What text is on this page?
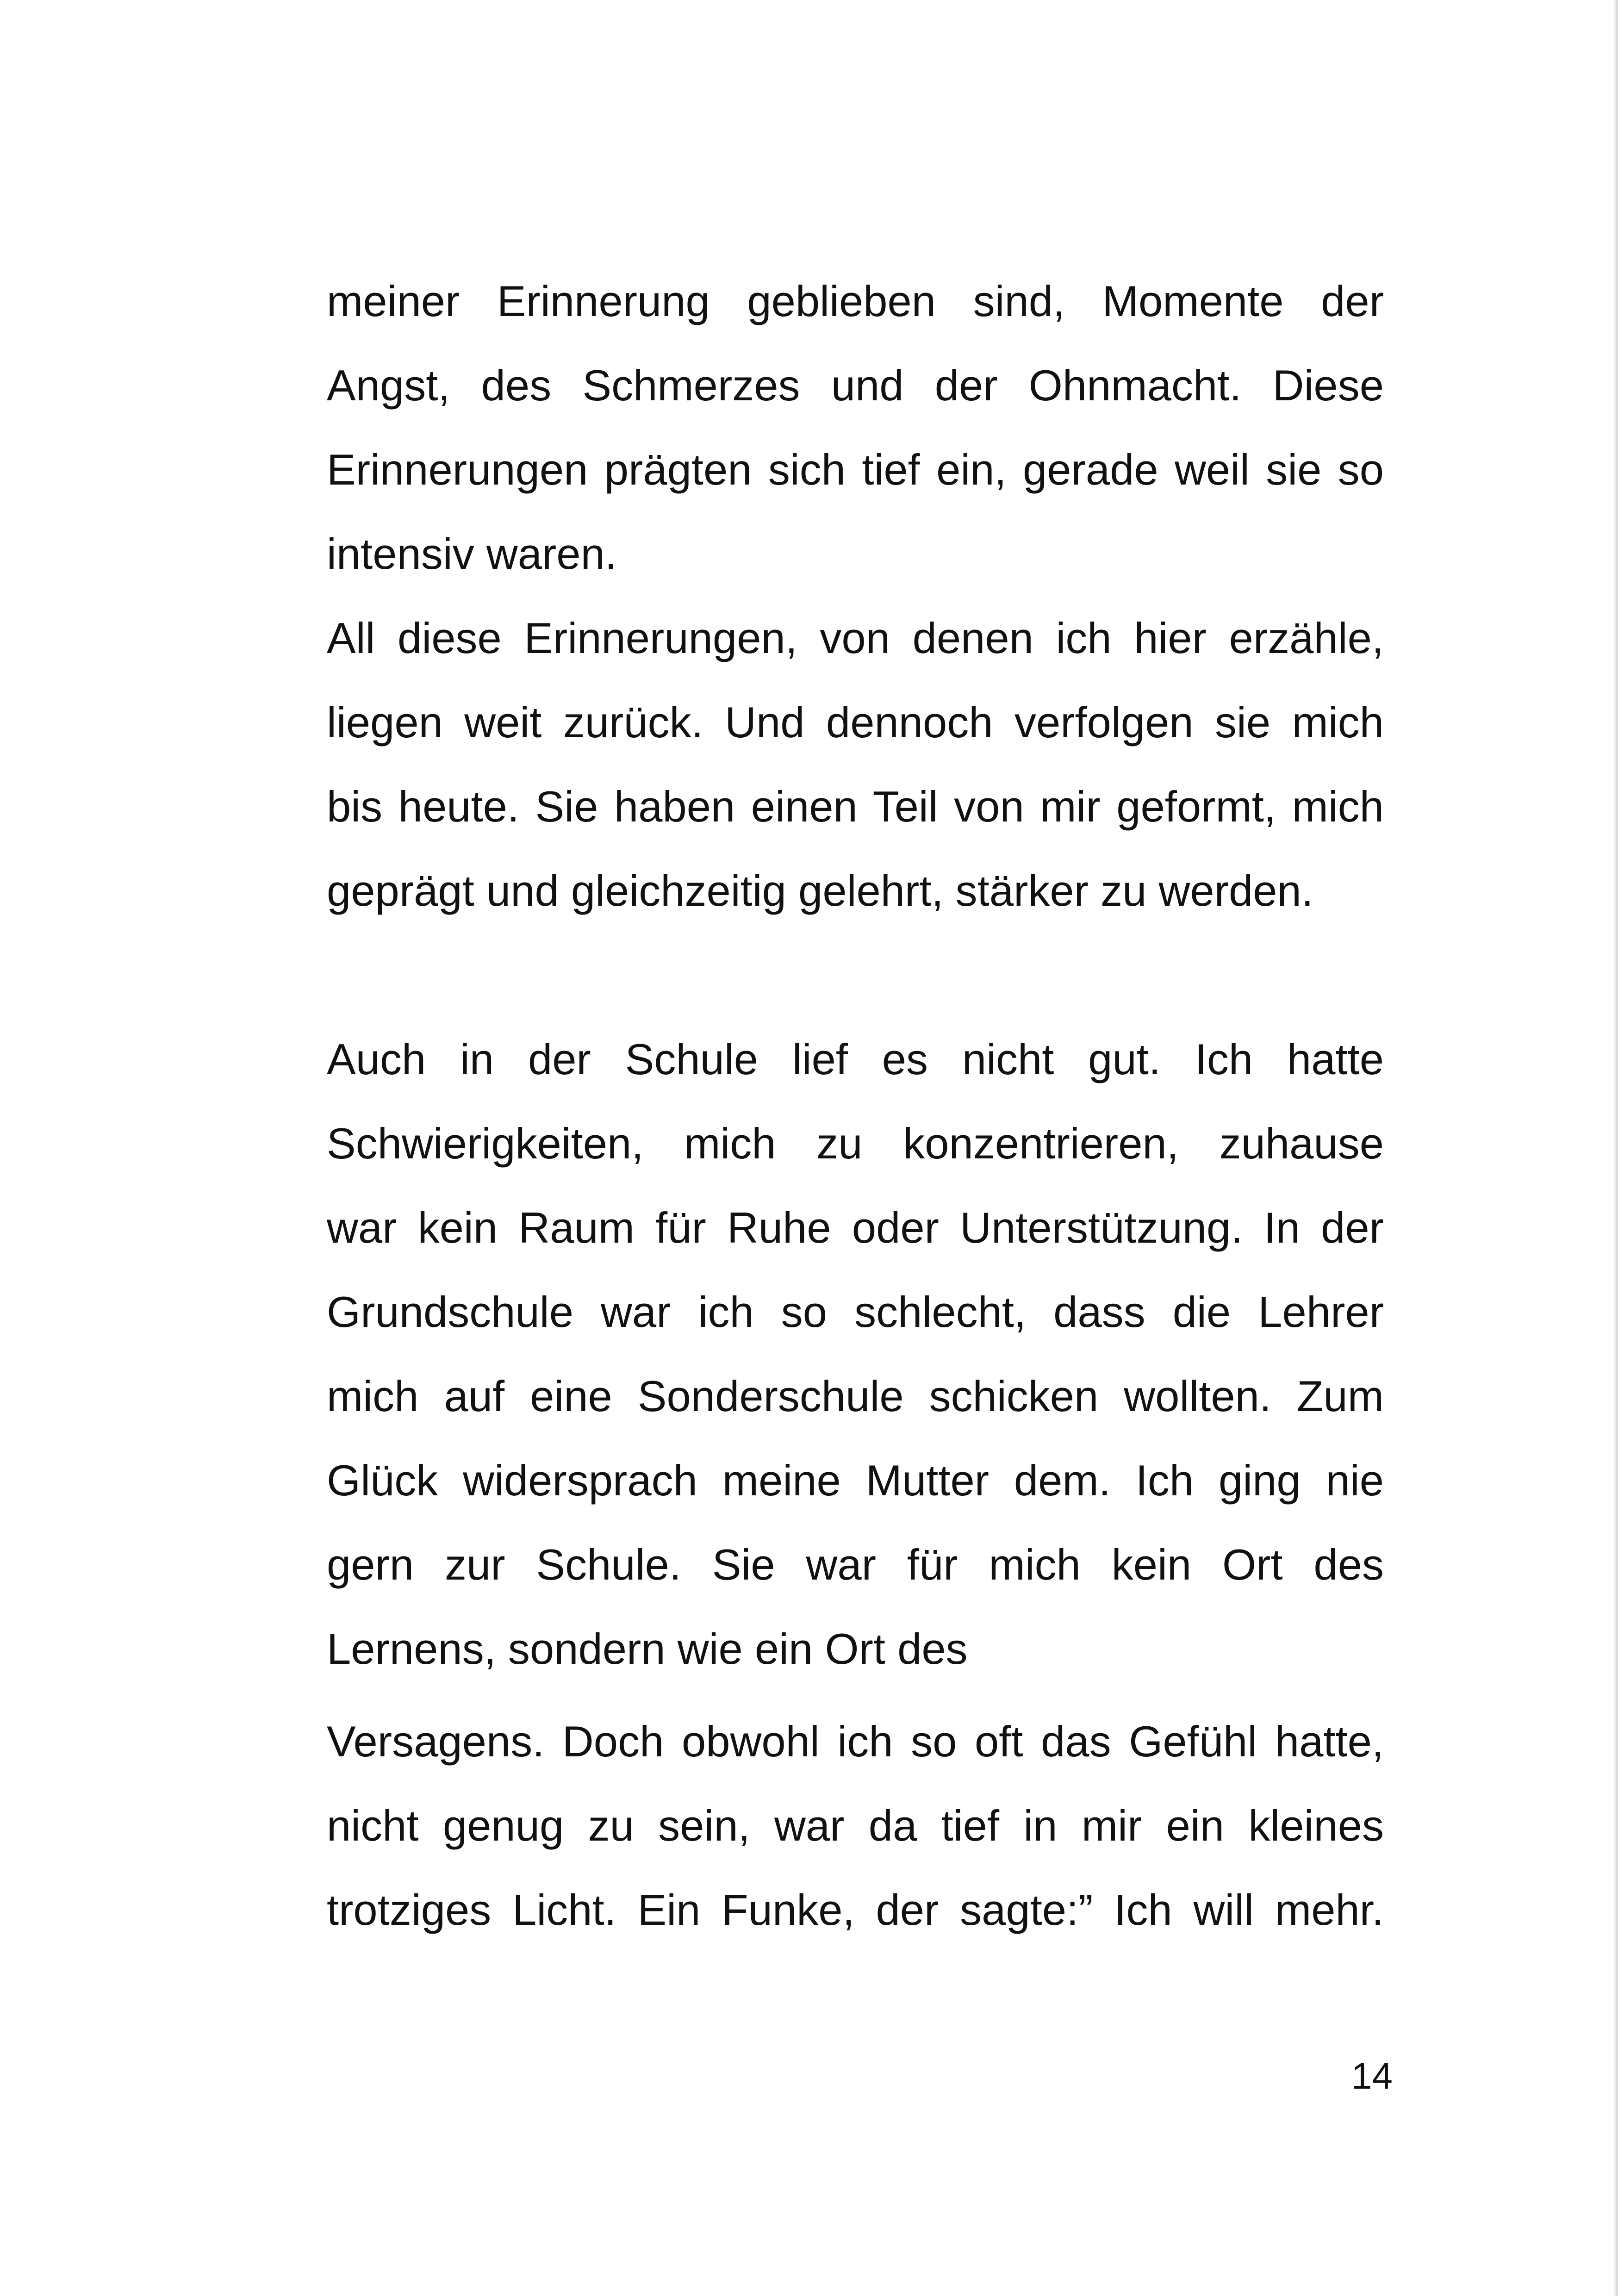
meiner Erinnerung geblieben sind, Momente der
Angst, des Schmerzes und der Ohnmacht. Diese
Erinnerungen prägten sich tief ein, gerade weil sie so
intensiv waren.

All diese Erinnerungen, von denen ich hier erzähle,
liegen weit zurück. Und dennoch verfolgen sie mich
bis heute. Sie haben einen Teil von mir geformt, mich
geprägt und gleichzeitig gelehrt, stärker zu werden.

Auch in der Schule lief es nicht gut. Ich hatte
Schwierigkeiten, mich zu konzentrieren, zuhause
war kein Raum für Ruhe oder Unterstützung. In der
Grundschule war ich so schlecht, dass die Lehrer
mich auf eine Sonderschule schicken wollten. Zum
Glück widersprach meine Mutter dem. Ich ging nie
gern zur Schule. Sie war für mich kein Ort des
Lernens, sondern wie ein Ort des

Versagens. Doch obwohl ich so oft das Gefühl hatte,
nicht genug zu sein, war da tief in mir ein kleines
trotziges Licht. Ein Funke, der sagte:” Ich will mehr.

14
